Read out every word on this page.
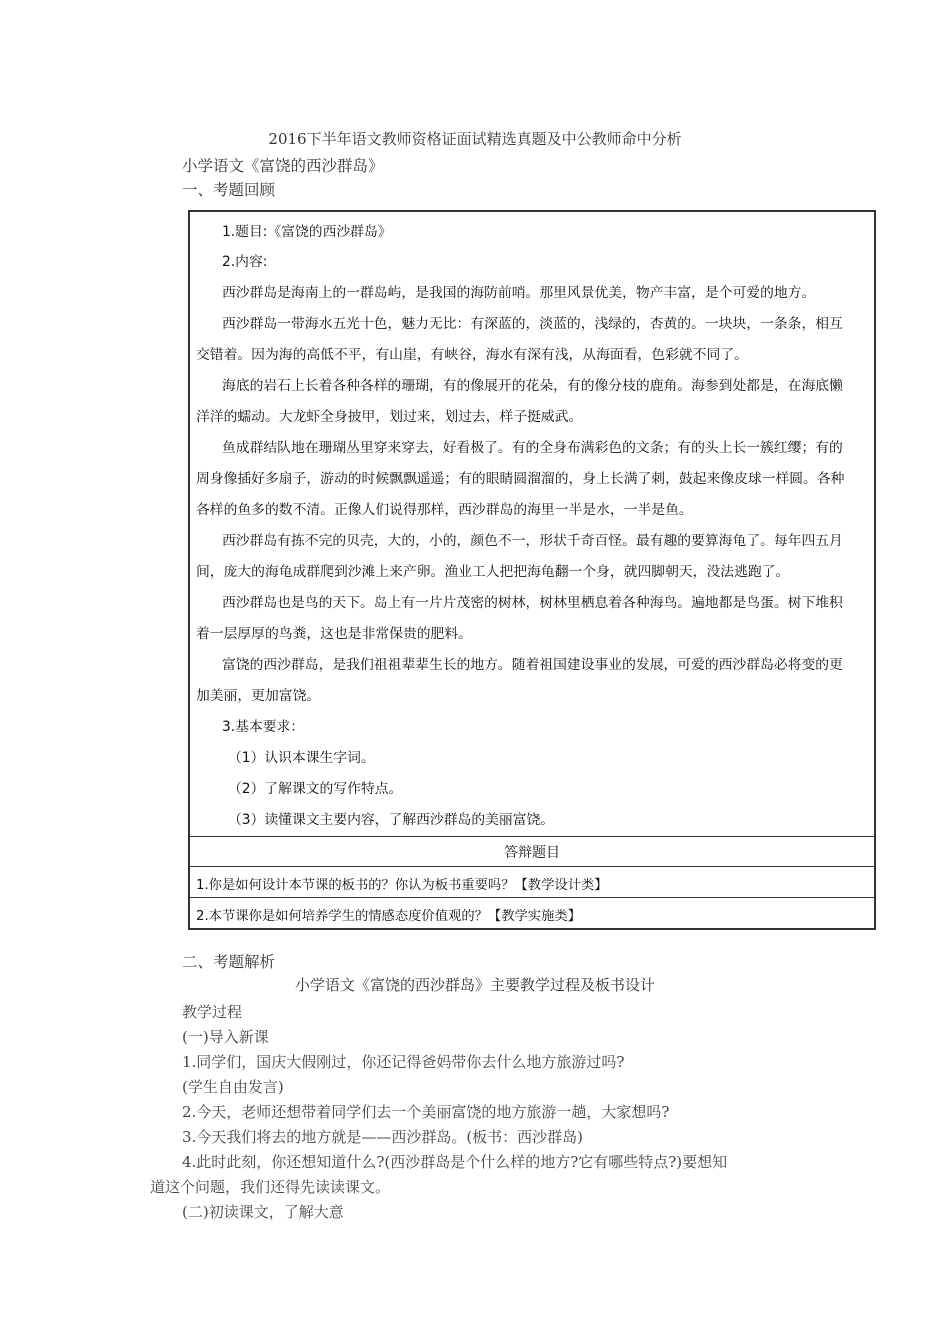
2016下半年语文教师资格证面试精选真题及中公教师命中分析
小学语文《富饶的西沙群岛》
一、考题回顾
1.题目:《富饶的西沙群岛》
2.内容:
西沙群岛是海南上的一群岛屿，是我国的海防前哨。那里风景优美，物产丰富，是个可爱的地方。
西沙群岛一带海水五光十色，魅力无比：有深蓝的，淡蓝的，浅绿的，杏黄的。一块块，一条条，相互
交错着。因为海的高低不平，有山崖，有峡谷，海水有深有浅，从海面看，色彩就不同了。
海底的岩石上长着各种各样的珊瑚，有的像展开的花朵，有的像分枝的鹿角。海参到处都是，在海底懒
洋洋的蠕动。大龙虾全身披甲，划过来，划过去，样子挺威武。
鱼成群结队地在珊瑚丛里穿来穿去，好看极了。有的全身布满彩色的文条；有的头上长一簇红缨；有的
周身像插好多扇子，游动的时候飘飘遥遥；有的眼睛圆溜溜的，身上长满了刺，鼓起来像皮球一样圆。各种
各样的鱼多的数不清。正像人们说得那样，西沙群岛的海里一半是水，一半是鱼。
西沙群岛有拣不完的贝壳，大的，小的，颜色不一，形状千奇百怪。最有趣的要算海龟了。每年四五月
间，庞大的海龟成群爬到沙滩上来产卵。渔业工人把把海龟翻一个身，就四脚朝天，没法逃跑了。
西沙群岛也是鸟的天下。岛上有一片片茂密的树林，树林里栖息着各种海鸟。遍地都是鸟蛋。树下堆积
着一层厚厚的鸟粪，这也是非常保贵的肥料。
富饶的西沙群岛，是我们祖祖辈辈生长的地方。随着祖国建设事业的发展，可爱的西沙群岛必将变的更
加美丽，更加富饶。
3.基本要求：
（1）认识本课生字词。
（2）了解课文的写作特点。
（3）读懂课文主要内容，了解西沙群岛的美丽富饶。
答辩题目
1.你是如何设计本节课的板书的？你认为板书重要吗？【教学设计类】
2.本节课你是如何培养学生的情感态度价值观的？【教学实施类】
二、考题解析
小学语文《富饶的西沙群岛》主要教学过程及板书设计
教学过程
(一)导入新课
1.同学们，国庆大假刚过，你还记得爸妈带你去什么地方旅游过吗?
(学生自由发言)
2.今天，老师还想带着同学们去一个美丽富饶的地方旅游一趟，大家想吗?
3.今天我们将去的地方就是——西沙群岛。(板书：西沙群岛)
4.此时此刻，你还想知道什么?(西沙群岛是个什么样的地方?它有哪些特点?)要想知
道这个问题，我们还得先读读课文。
(二)初读课文，了解大意
